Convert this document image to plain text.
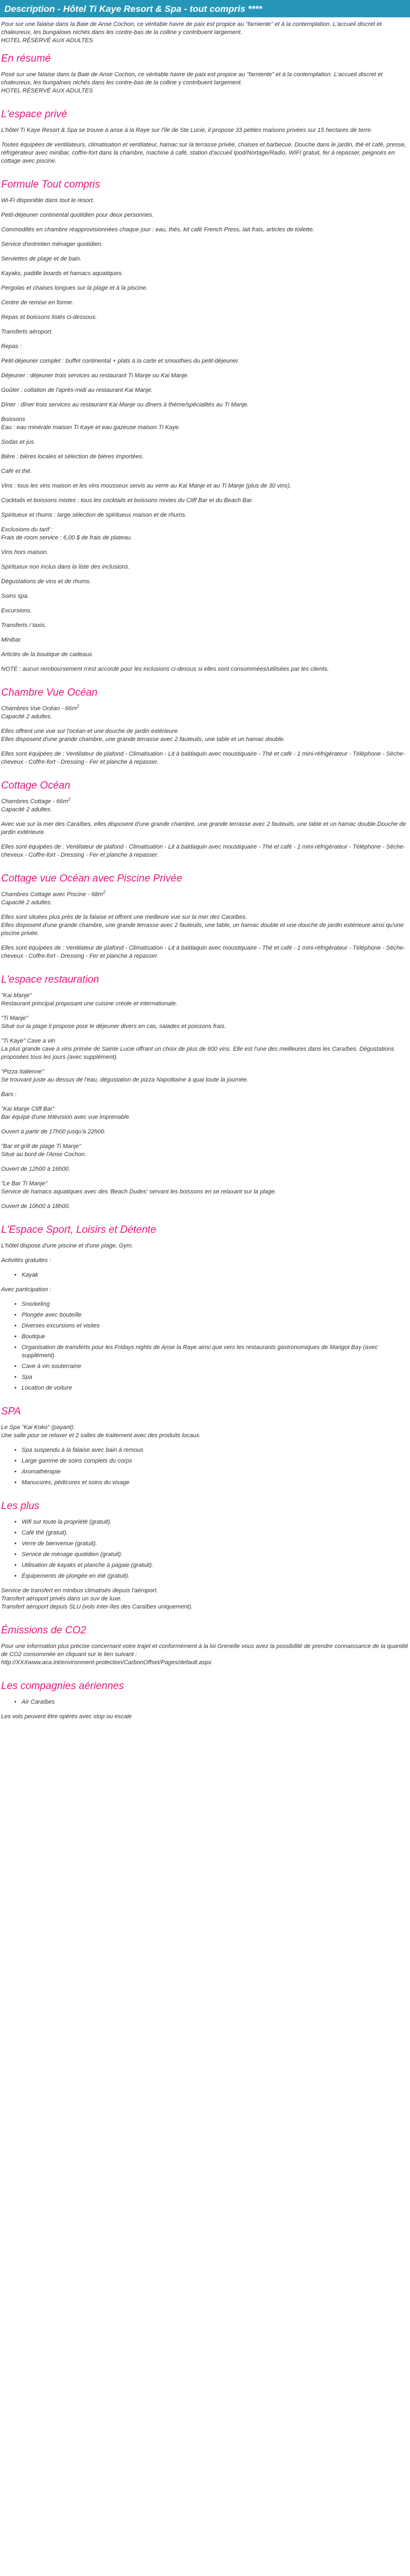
Description - Hôtel Ti Kaye Resort & Spa - tout compris ****

Pour sur une falaise dans la Baie de Anse Cochon, ce véritable havre de paix est propice au "farniente" et à la contemplation. L'accueil discret et chaleureux, les bungalows nichés dans les contre-bas de la colline y contribuent largement.
HOTEL RÉSERVÉ AUX ADULTES

En résumé

Posé sur une falaise dans la Baie de Anse Cochon, ce véritable havre de paix est propice au "farniente" et à la contemplation. L'accueil discret et chaleureux, les bungalows nichés dans les contre-bas de la colline y contribuent largement.
HOTEL RÉSERVÉ AUX ADULTES

L'espace privé

L'hôtel Ti Kaye Resort & Spa se trouve à anse à la Raye sur l'île de Ste Lucie, il propose 33 petites maisons privées sur 15 hectares de terre.

Toutes équipées de ventilateurs, climatisation et ventilateur, hamac sur la terrasse privée, chaises et barbecue. Douche dans le jardin, thé et café, presse, réfrigérateur avec minibar, coffre-fort dans la chambre, machine à café, station d'accueil Ipod/Nortage/Radio, WIFI gratuit, fer à repasser, peignoirs en cottage avec piscine.

Formule Tout compris

Wi-Fi disponible dans tout le resort.

Petit-déjeuner continental quotidien pour deux personnes.

Commodités en chambre réapprovisionnées chaque jour : eau, thés, kit café French Press, lait frais, articles de toilette.

Service d'entretien ménager quotidien.

Serviettes de plage et de bain.

Kayaks, paddle boards et hamacs aquatiques.

Pergolas et chaises longues sur la plage et à la piscine.

Centre de remise en forme.

Repas et boissons listés ci-dessous.

Transferts aéroport.

Repas :

Petit-déjeuner complet : buffet continental + plats à la carte et smoothies du petit-déjeuner.

Déjeuner : déjeuner trois services au restaurant Ti Manje ou Kai Manje.

Goûter : collation de l'après-midi au restaurant Kai Manje.

Dîner : dîner trois services au restaurant Kai Manje ou dîners à thème/spécialités au Ti Manje.

Boissons
Eau : eau minérale maison Ti Kaye et eau gazeuse maison Ti Kaye.

Sodas et jus.

Bière : bières locales et sélection de bières importées.

Café et thé.

Vins : tous les vins maison et les vins mousseux servis au verre au Kai Manje et au Ti Manje (plus de 30 vins).

Cocktails et boissons mixtes : tous les cocktails et boissons mixtes du Cliff Bar et du Beach Bar.

Spiritueux et rhums : large sélection de spiritueux maison et de rhums.

Exclusions du tarif :
Frais de room service : 6,00 $ de frais de plateau.

Vins hors maison.

Spiritueux non inclus dans la liste des inclusions.

Dégustations de vins et de rhums.

Soins spa.

Excursions.

Transferts / taxis.

Minibar.

Articles de la boutique de cadeaux.

NOTE : aucun remboursement n'est accordé pour les inclusions ci-dessus si elles sont consommées/utilisées par les clients.

Chambre Vue Océan

Chambres Vue Océan - $66m^2$
Capacité 2 adultes.

Elles offrent une vue sur l'océan et une douche de jardin extérieure.
Elles disposent d'une grande chambre, une grande terrasse avec 2 fauteuils, une table et un hamac double.

Elles sont équipées de : Ventilateur de plafond - Climatisation - Lit à baldaquin avec moustiquaire - Thé et café - 1 mini-réfrigérateur - Téléphone - Sèche-cheveux - Coffre-fort - Dressing - Fer et planche à repasser.

Cottage Océan

Chambres Cottage - $66m^2$
Capacité 2 adultes.

Avec vue sur la mer des Caraïbes, elles disposent d'une grande chambre, une grande terrasse avec 2 fauteuils, une table et un hamac double.Douche de jardin extérieure.

Elles sont équipées de : Ventilateur de plafond - Climatisation - Lit à baldaquin avec moustiquaire - Thé et café - 1 mini-réfrigérateur - Téléphone - Sèche-cheveux - Coffre-fort - Dressing - Fer et planche à repasser.

Cottage vue Océan avec Piscine Privée

Chambres Cottage avec Piscine - $68m^2$
Capacité 2 adultes.

Elles sont situées plus près de la falaise et offrent une meilleure vue sur la mer des Caraïbes.
Elles disposent d'une grande chambre, une grande terrasse avec 2 fauteuils, une table, un hamac double et une douche de jardin extérieure ainsi qu'une piscine privée.

Elles sont équipées de : Ventilateur de plafond - Climatisation - Lit à baldaquin avec moustiquaire - Thé et café - 1 mini-réfrigérateur - Téléphone - Sèche-cheveux - Coffre-fort - Dressing - Fer et planche à repasser.

L'espace restauration

"Kai Manje"
Restaurant principal proposant une cuisine créole et internationale.

"Ti Manje"
Situé sur la plage il propose pour le déjeuner divers en cas, salades et poissons frais.

"Ti Kaye" Cave a vin
La plus grande cave à vins primée de Sainte Lucie offrant un choix de plus de 600 vins. Elle est l'une des meilleures dans les Caraïbes. Dégustations proposées tous les jours (avec supplément).

"Pizza Italienne"
Se trouvant juste au dessus de l'eau, dégustation de pizza Napolitaine à quai toute la journée.

Bars :

"Kai Manje Cliff Bar"
Bar équipé d'une télévision avec vue imprenable.

Ouvert à partir de 17h00 jusqu'à 22h00.

"Bar et grill de plage Ti Manje"
Situé au bord de l'Anse Cochon.

Ouvert de 12h00 à 16h00.

"Le Bar Ti Manje"
Service de hamacs aquatiques avec des 'Beach Dudes' servant les boissons en se relaxant sur la plage.

Ouvert de 10h00 à 18h00.

L'Espace Sport, Loisirs et Détente

L'hôtel dispose d'une piscine et d'une plage, Gym.

Activités gratuites :

• Kayak

Avec participation :

• Snorkeling
• Plongée avec bouteille
• Diverses excursions et visites
• Boutique
• Organisation de transferts pour les Fridays nights de Anse la Raye ainsi que vers les restaurants gastronomiques de Marigot Bay (avec supplément)
• Cave à vin souterraine
• Spa
• Location de voiture
SPA

Le Spa "Kai Koko" (payant):
Une salle pour se relaxer et 2 salles de traitement avec des produits locaux.

• Spa suspendu à la falaise avec bain à remous
• Large gamme de soins complets du corps
• Aromathérapie
• Manucures, pédicures et soins du visage
Les plus
• Wifi sur toute la propriété (gratuit).
• Café thé (gratuit).
• Verre de bienvenue (gratuit).
• Service de ménage quotidien (gratuit).
• Utilisation de kayaks et planche à pagaie (gratuit).
• Équipements de plongée en été (gratuit).

Service de transfert en minibus climatisés depuis l'aéroport.
Transfert aéroport privés dans un suv de luxe.
Transfert aéroport depuis SLU (vols inter-îles des Caraïbes uniquement).

Émissions de CO2

Pour une information plus précise concernant votre trajet et conformément à la loi Grenelle vous avez la possibilité de prendre connaissance de la quantité de CO2 consommée en cliquant sur le lien suivant :
http://XXXwww.aca.int/environment-protection/CarbonOffset/Pages/default.aspx

Les compagnies aériennes
• Air Caraïbes

Les vols peuvent être opérés avec stop ou escale
